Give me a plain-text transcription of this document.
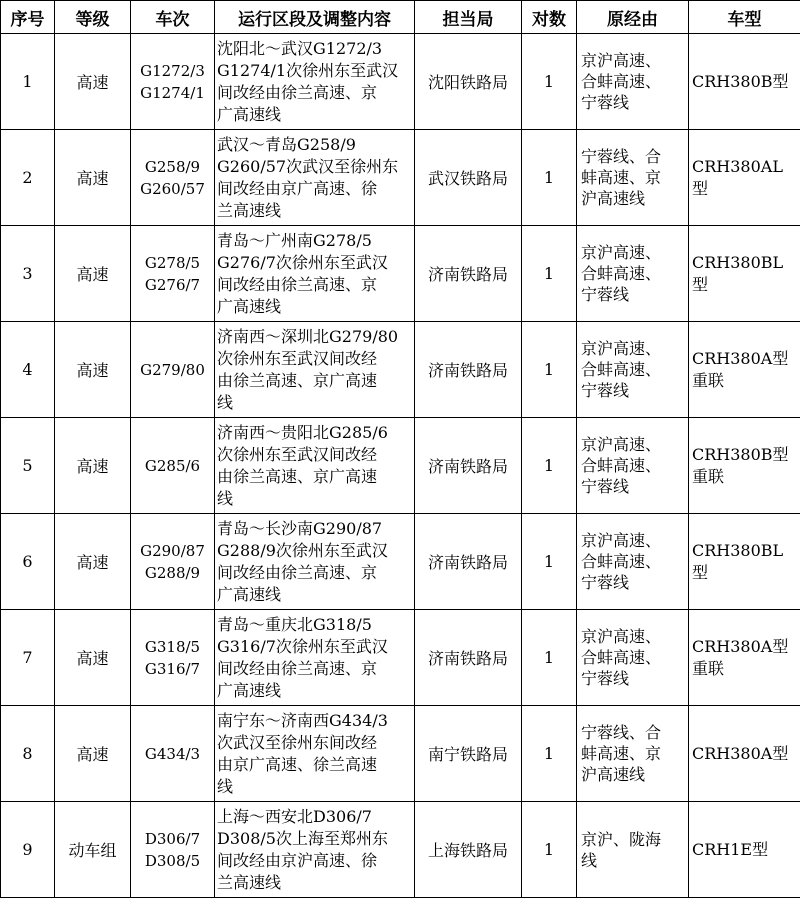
序号	等级	车次	运行区段及调整内容	担当局	对数	原经由	车型
1	高速	G1272/3
G1274/1	沈阳北～武汉G1272/3
G1274/1次徐州东至武汉
间改经由徐兰高速、京
广高速线	沈阳铁路局	1	京沪高速、
合蚌高速、
宁蓉线	CRH380B型

2	高速	G258/9
G260/57	武汉～青岛G258/9
G260/57次武汉至徐州东
间改经由京广高速、徐
兰高速线	武汉铁路局	1	宁蓉线、合
蚌高速、京
沪高速线	CRH380AL
型

3	高速	G278/5
G276/7	青岛～广州南G278/5
G276/7次徐州东至武汉
间改经由徐兰高速、京
广高速线	济南铁路局	1	京沪高速、
合蚌高速、
宁蓉线	CRH380BL
型

4	高速	G279/80	济南西～深圳北G279/80
次徐州东至武汉间改经
由徐兰高速、京广高速
线	济南铁路局	1	京沪高速、
合蚌高速、
宁蓉线	CRH380A型
重联

5	高速	G285/6	济南西～贵阳北G285/6
次徐州东至武汉间改经
由徐兰高速、京广高速
线	济南铁路局	1	京沪高速、
合蚌高速、
宁蓉线	CRH380B型
重联

6	高速	G290/87
G288/9	青岛～长沙南G290/87
G288/9次徐州东至武汉
间改经由徐兰高速、京
广高速线	济南铁路局	1	京沪高速、
合蚌高速、
宁蓉线	CRH380BL
型

7	高速	G318/5
G316/7	青岛～重庆北G318/5
G316/7次徐州东至武汉
间改经由徐兰高速、京
广高速线	济南铁路局	1	京沪高速、
合蚌高速、
宁蓉线	CRH380A型
重联

8	高速	G434/3	南宁东～济南西G434/3
次武汉至徐州东间改经
由京广高速、徐兰高速
线	南宁铁路局	1	宁蓉线、合
蚌高速、京
沪高速线	CRH380A型

9	动车组	D306/7
D308/5	上海～西安北D306/7
D308/5次上海至郑州东
间改经由京沪高速、徐
兰高速线	上海铁路局	1	京沪、陇海
线	CRH1E型
